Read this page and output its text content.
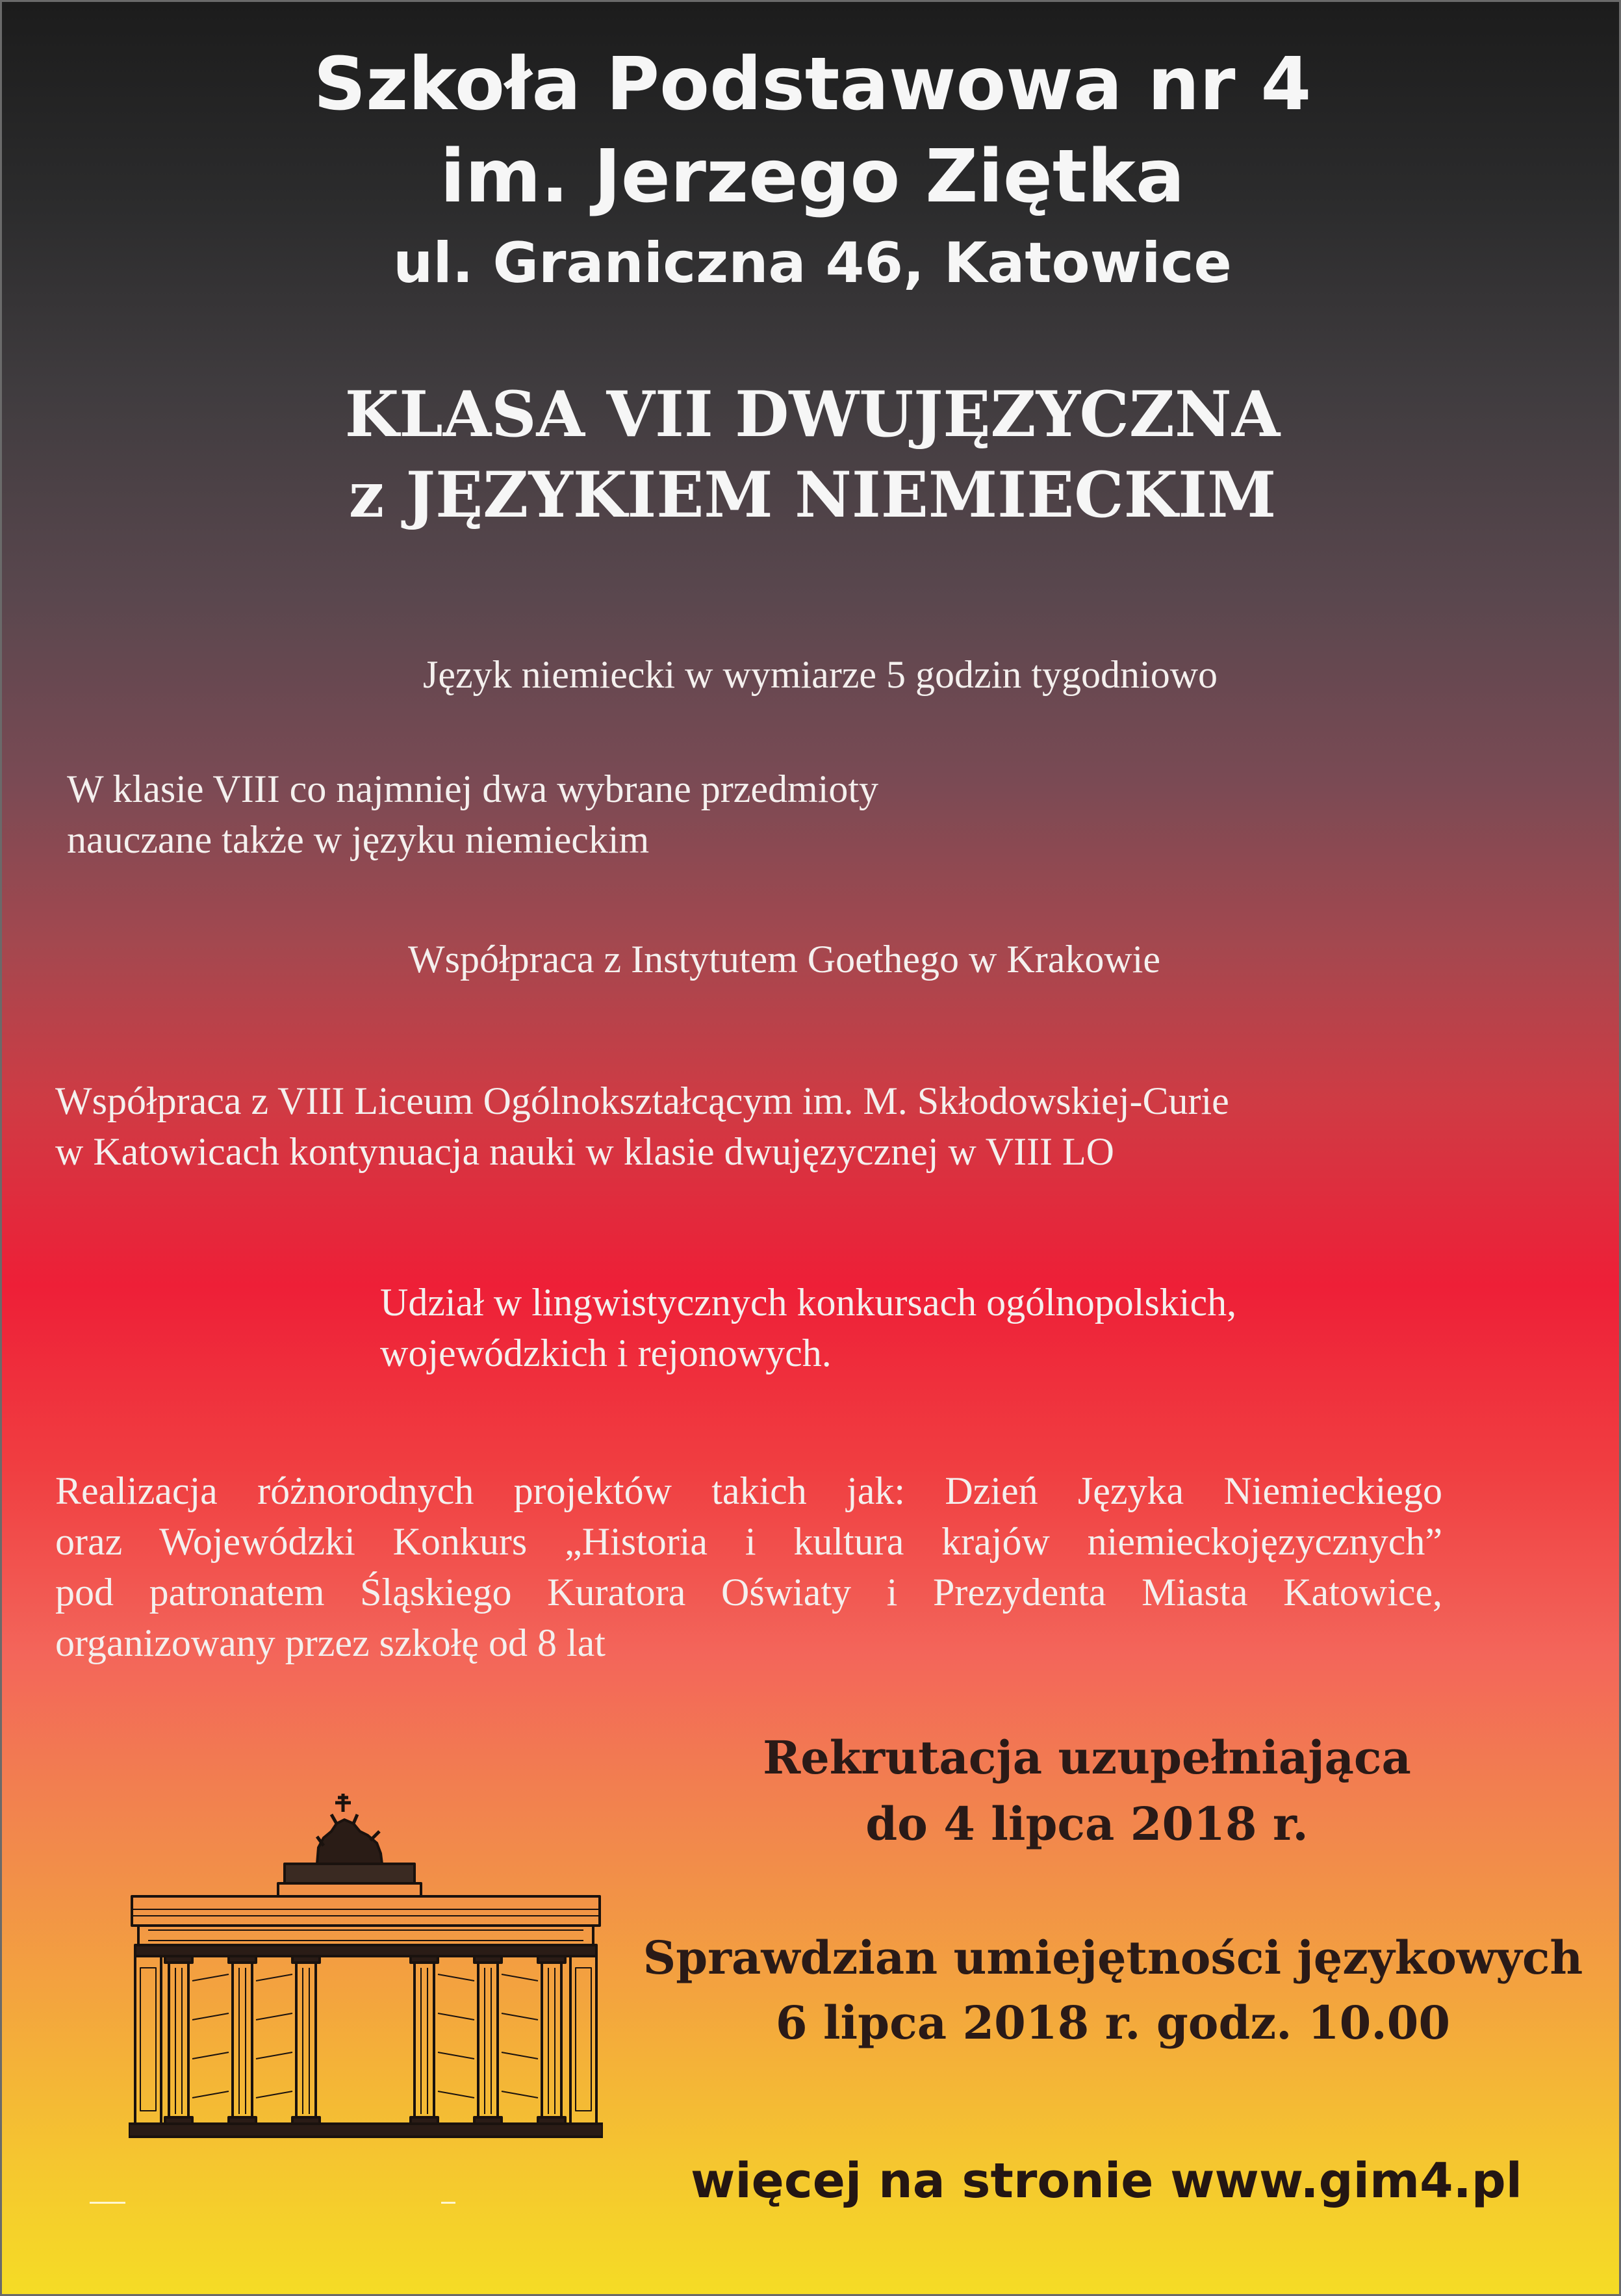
Szkoła Podstawowa nr 4
im. Jerzego Ziętka
ul. Graniczna 46, Katowice
KLASA VII DWUJĘZYCZNA
z JĘZYKIEM NIEMIECKIM

Język niemiecki w wymiarze 5 godzin tygodniowo

W klasie VIII co najmniej dwa wybrane przedmioty

nauczane także w języku niemieckim

Współpraca z Instytutem Goethego w Krakowie

Współpraca z VIII Liceum Ogólnokształcącym im. M. Skłodowskiej-Curie

w Katowicach kontynuacja nauki w klasie dwujęzycznej w VIII LO

Udział w lingwistycznych konkursach ogólnopolskich,

wojewódzkich i rejonowych.

Realizacja różnorodnych projektów takich jak: Dzień Języka Niemieckiego
oraz Wojewódzki Konkurs „Historia i kultura krajów niemieckojęzycznych”
pod patronatem Śląskiego Kuratora Oświaty i Prezydenta Miasta Katowice,
organizowany przez szkołę od 8 lat

Rekrutacja uzupełniająca

do 4 lipca 2018 r.

Sprawdzian umiejętności językowych

6 lipca 2018 r. godz. 10.00

więcej na stronie www.gim4.pl
